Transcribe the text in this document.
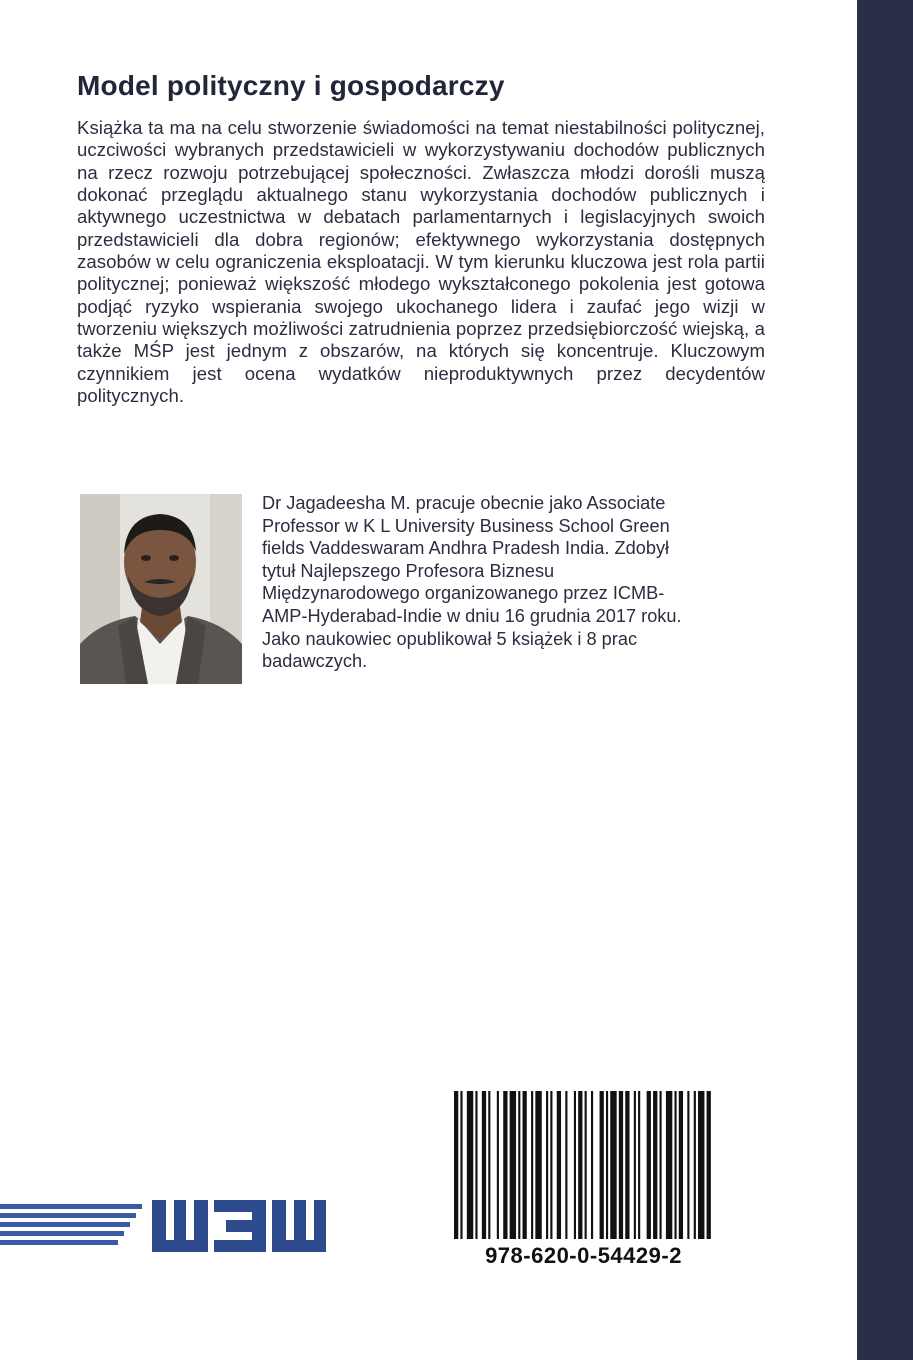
Model polityczny i gospodarczy

Książka ta ma na celu stworzenie świadomości na temat niestabilności politycznej, uczciwości wybranych przedstawicieli w wykorzystywaniu dochodów publicznych na rzecz rozwoju potrzebującej społeczności. Zwłaszcza młodzi dorośli muszą dokonać przeglądu aktualnego stanu wykorzystania dochodów publicznych i aktywnego uczestnictwa w debatach parlamentarnych i legislacyjnych swoich przedstawicieli dla dobra regionów; efektywnego wykorzystania dostępnych zasobów w celu ograniczenia eksploatacji. W tym kierunku kluczowa jest rola partii politycznej; ponieważ większość młodego wykształconego pokolenia jest gotowa podjąć ryzyko wspierania swojego ukochanego lidera i zaufać jego wizji w tworzeniu większych możliwości zatrudnienia poprzez przedsiębiorczość wiejską, a także MŚP jest jednym z obszarów, na których się koncentruje. Kluczowym czynnikiem jest ocena wydatków nieproduktywnych przez decydentów politycznych.

Dr Jagadeesha M. pracuje obecnie jako Associate
Professor w K L University Business School Green
fields Vaddeswaram Andhra Pradesh India. Zdobył
tytuł Najlepszego Profesora Biznesu
Międzynarodowego organizowanego przez ICMB-
AMP-Hyderabad-Indie w dniu 16 grudnia 2017 roku.
Jako naukowiec opublikował 5 książek i 8 prac
badawczych.
978-620-0-54429-2
